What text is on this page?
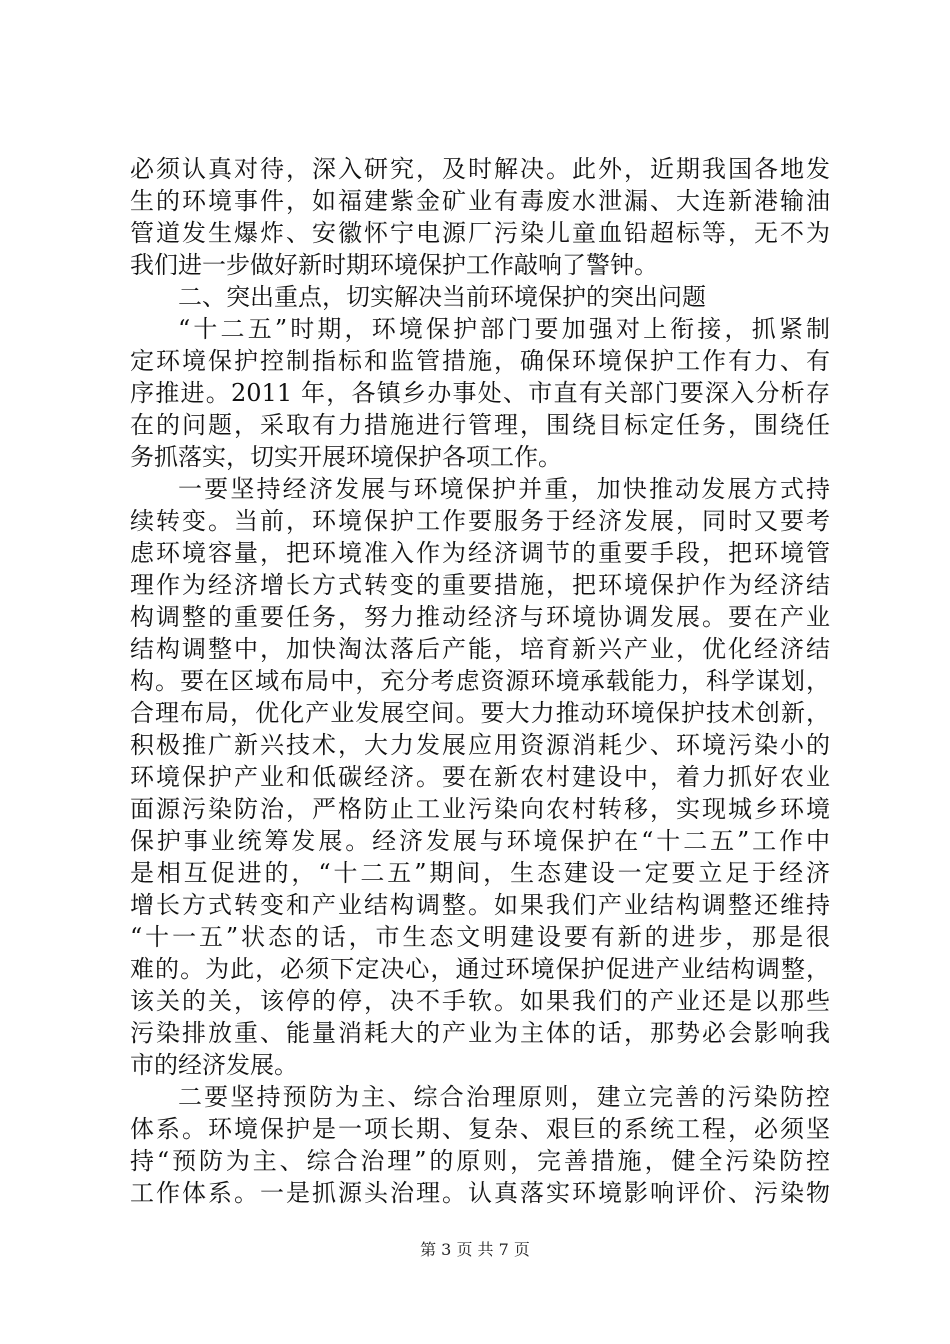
必须认真对待，深入研究，及时解决。此外，近期我国各地发
生的环境事件，如福建紫金矿业有毒废水泄漏、大连新港输油
管道发生爆炸、安徽怀宁电源厂污染儿童血铅超标等，无不为
我们进一步做好新时期环境保护工作敲响了警钟。
二、突出重点，切实解决当前环境保护的突出问题
“十二五”时期，环境保护部门要加强对上衔接，抓紧制
定环境保护控制指标和监管措施，确保环境保护工作有力、有
序推进。2011 年，各镇乡办事处、市直有关部门要深入分析存
在的问题，采取有力措施进行管理，围绕目标定任务，围绕任
务抓落实，切实开展环境保护各项工作。
一要坚持经济发展与环境保护并重，加快推动发展方式持
续转变。当前，环境保护工作要服务于经济发展，同时又要考
虑环境容量，把环境准入作为经济调节的重要手段，把环境管
理作为经济增长方式转变的重要措施，把环境保护作为经济结
构调整的重要任务，努力推动经济与环境协调发展。要在产业
结构调整中，加快淘汰落后产能，培育新兴产业，优化经济结
构。要在区域布局中，充分考虑资源环境承载能力，科学谋划，
合理布局，优化产业发展空间。要大力推动环境保护技术创新，
积极推广新兴技术，大力发展应用资源消耗少、环境污染小的
环境保护产业和低碳经济。要在新农村建设中，着力抓好农业
面源污染防治，严格防止工业污染向农村转移，实现城乡环境
保护事业统筹发展。经济发展与环境保护在“十二五”工作中
是相互促进的，“十二五”期间，生态建设一定要立足于经济
增长方式转变和产业结构调整。如果我们产业结构调整还维持
“十一五”状态的话，市生态文明建设要有新的进步，那是很
难的。为此，必须下定决心，通过环境保护促进产业结构调整，
该关的关，该停的停，决不手软。如果我们的产业还是以那些
污染排放重、能量消耗大的产业为主体的话，那势必会影响我
市的经济发展。
二要坚持预防为主、综合治理原则，建立完善的污染防控
体系。环境保护是一项长期、复杂、艰巨的系统工程，必须坚
持“预防为主、综合治理”的原则，完善措施，健全污染防控
工作体系。一是抓源头治理。认真落实环境影响评价、污染物
第 3 页 共 7 页
